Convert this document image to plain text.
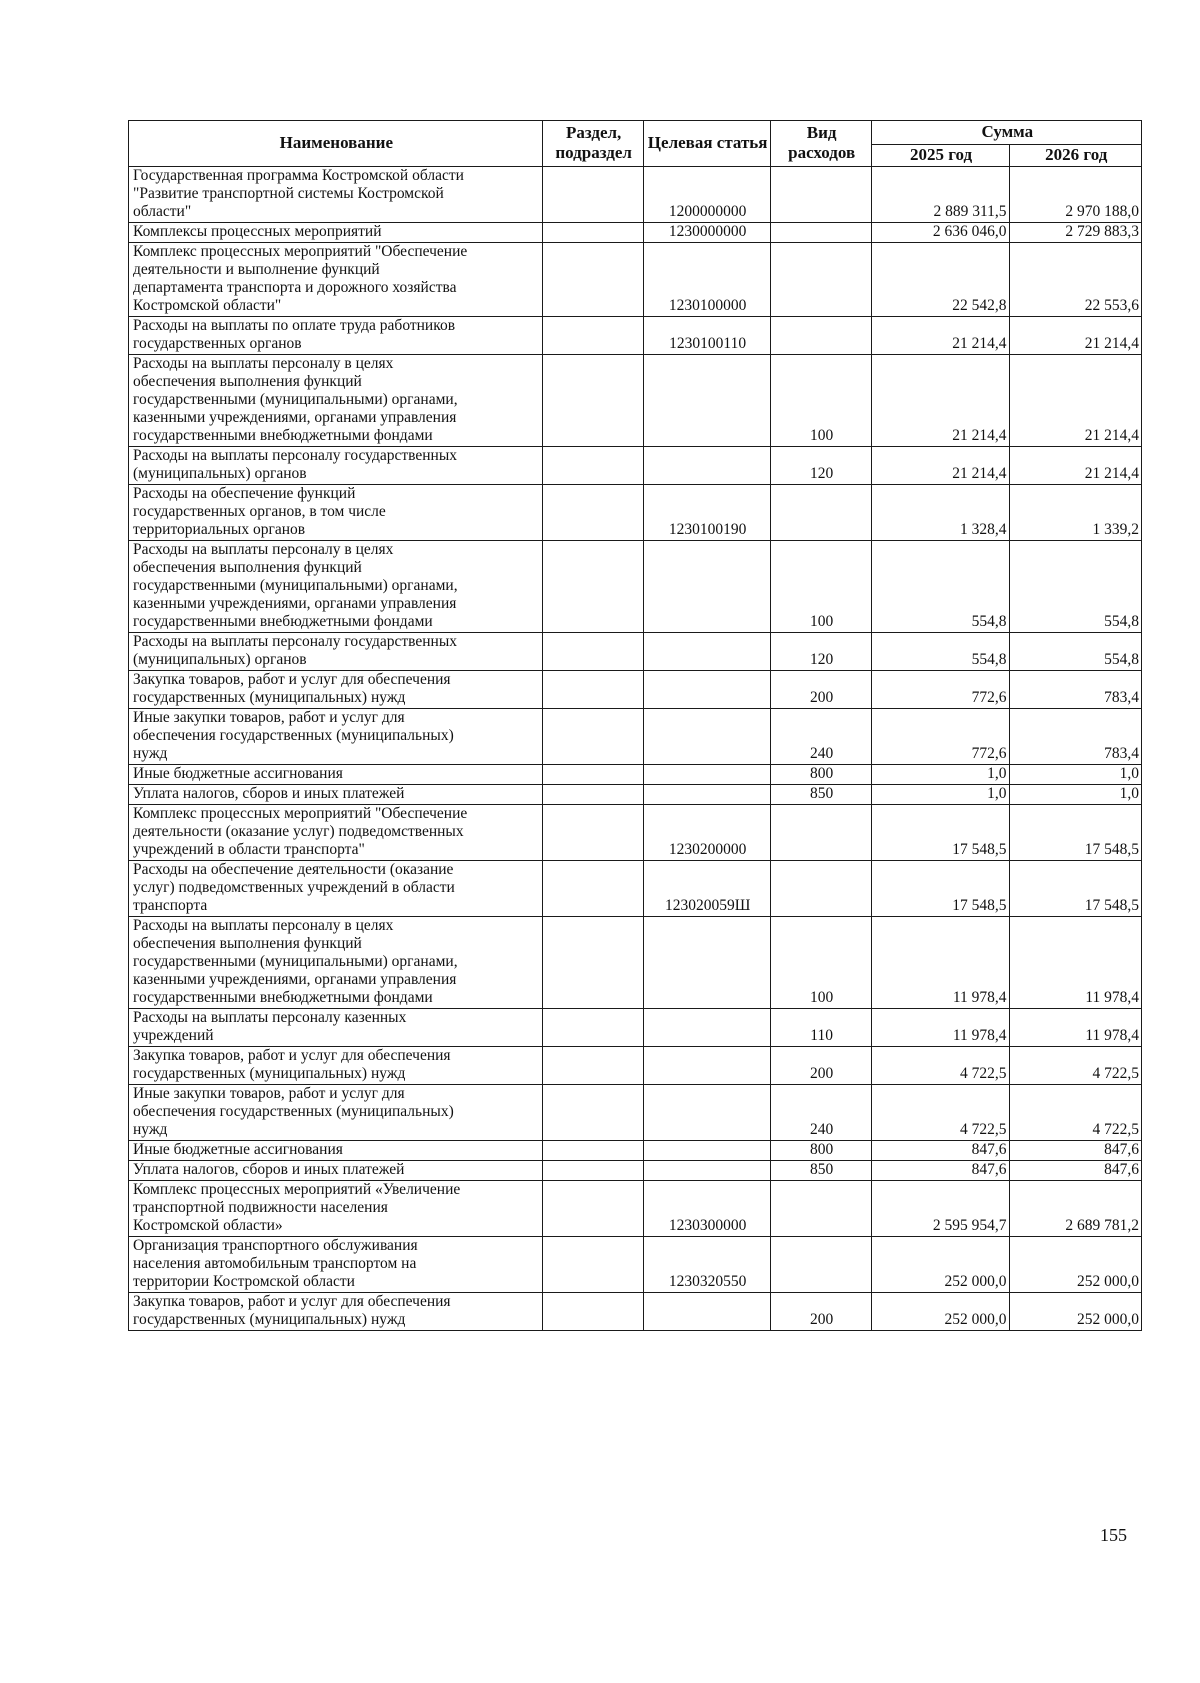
Наименование	Раздел, подраздел	Целевая статья	Вид расходов	Сумма	
				2025 год	2026 год
Государственная программа Костромской области
"Развитие транспортной системы Костромской
области"		1200000000		2 889 311,5	2 970 188,0
Комплексы процессных мероприятий		1230000000		2 636 046,0	2 729 883,3
Комплекс процессных мероприятий "Обеспечение
деятельности и выполнение функций
департамента транспорта и дорожного хозяйства
Костромской области"		1230100000		22 542,8	22 553,6
Расходы на выплаты по оплате труда работников
государственных органов		1230100110		21 214,4	21 214,4
Расходы на выплаты персоналу в целях
обеспечения выполнения функций
государственными (муниципальными) органами,
казенными учреждениями, органами управления
государственными внебюджетными фондами			100	21 214,4	21 214,4
Расходы на выплаты персоналу государственных
(муниципальных) органов			120	21 214,4	21 214,4
Расходы на обеспечение функций
государственных органов, в том числе
территориальных органов		1230100190		1 328,4	1 339,2
Расходы на выплаты персоналу в целях
обеспечения выполнения функций
государственными (муниципальными) органами,
казенными учреждениями, органами управления
государственными внебюджетными фондами			100	554,8	554,8
Расходы на выплаты персоналу государственных
(муниципальных) органов			120	554,8	554,8
Закупка товаров, работ и услуг для обеспечения
государственных (муниципальных) нужд			200	772,6	783,4
Иные закупки товаров, работ и услуг для
обеспечения государственных (муниципальных)
нужд			240	772,6	783,4
Иные бюджетные ассигнования			800	1,0	1,0
Уплата налогов, сборов и иных платежей			850	1,0	1,0
Комплекс процессных мероприятий "Обеспечение
деятельности (оказание услуг) подведомственных
учреждений в области транспорта"		1230200000		17 548,5	17 548,5
Расходы на обеспечение деятельности (оказание
услуг) подведомственных учреждений в области
транспорта		123020059Ш		17 548,5	17 548,5
Расходы на выплаты персоналу в целях
обеспечения выполнения функций
государственными (муниципальными) органами,
казенными учреждениями, органами управления
государственными внебюджетными фондами			100	11 978,4	11 978,4
Расходы на выплаты персоналу казенных
учреждений			110	11 978,4	11 978,4
Закупка товаров, работ и услуг для обеспечения
государственных (муниципальных) нужд			200	4 722,5	4 722,5
Иные закупки товаров, работ и услуг для
обеспечения государственных (муниципальных)
нужд			240	4 722,5	4 722,5
Иные бюджетные ассигнования			800	847,6	847,6
Уплата налогов, сборов и иных платежей			850	847,6	847,6
Комплекс процессных мероприятий «Увеличение
транспортной подвижности населения
Костромской области»		1230300000		2 595 954,7	2 689 781,2
Организация транспортного обслуживания
населения автомобильным транспортом на
территории Костромской области		1230320550		252 000,0	252 000,0
Закупка товаров, работ и услуг для обеспечения
государственных (муниципальных) нужд			200	252 000,0	252 000,0
155
